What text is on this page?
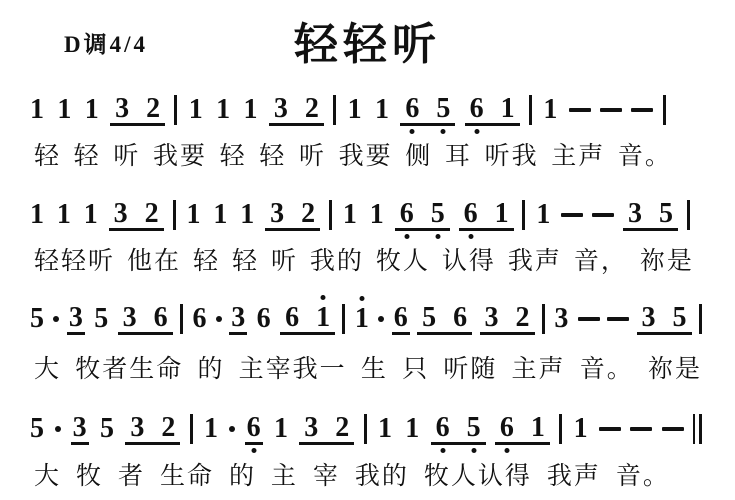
D调4/4	轻轻听
1 1 1 3 2 1 1 1 3 2 1 1 6 5 6 1 1
轻 轻 听 我要 轻 轻 听 我要 侧 耳 听我 主声 音。
1 1 1 3 2 1 1 1 3 2 1 1 6 5 6 1 1	3 5
轻轻听 他在 轻 轻 听 我的 牧人 认得 我声 音， 祢是
5 3 5 3 6 6 3 6 6 1 1 6 5 6 3 2 3	3 5
大 牧者生命 的 主宰我一 生 只 听随 主声 音。 祢是
5 3 5 3 2 1 6 1 3 2 1 1 6 5 6 1 1
大 牧 者 生命 的 主 宰 我的 牧人认得 我声 音。
